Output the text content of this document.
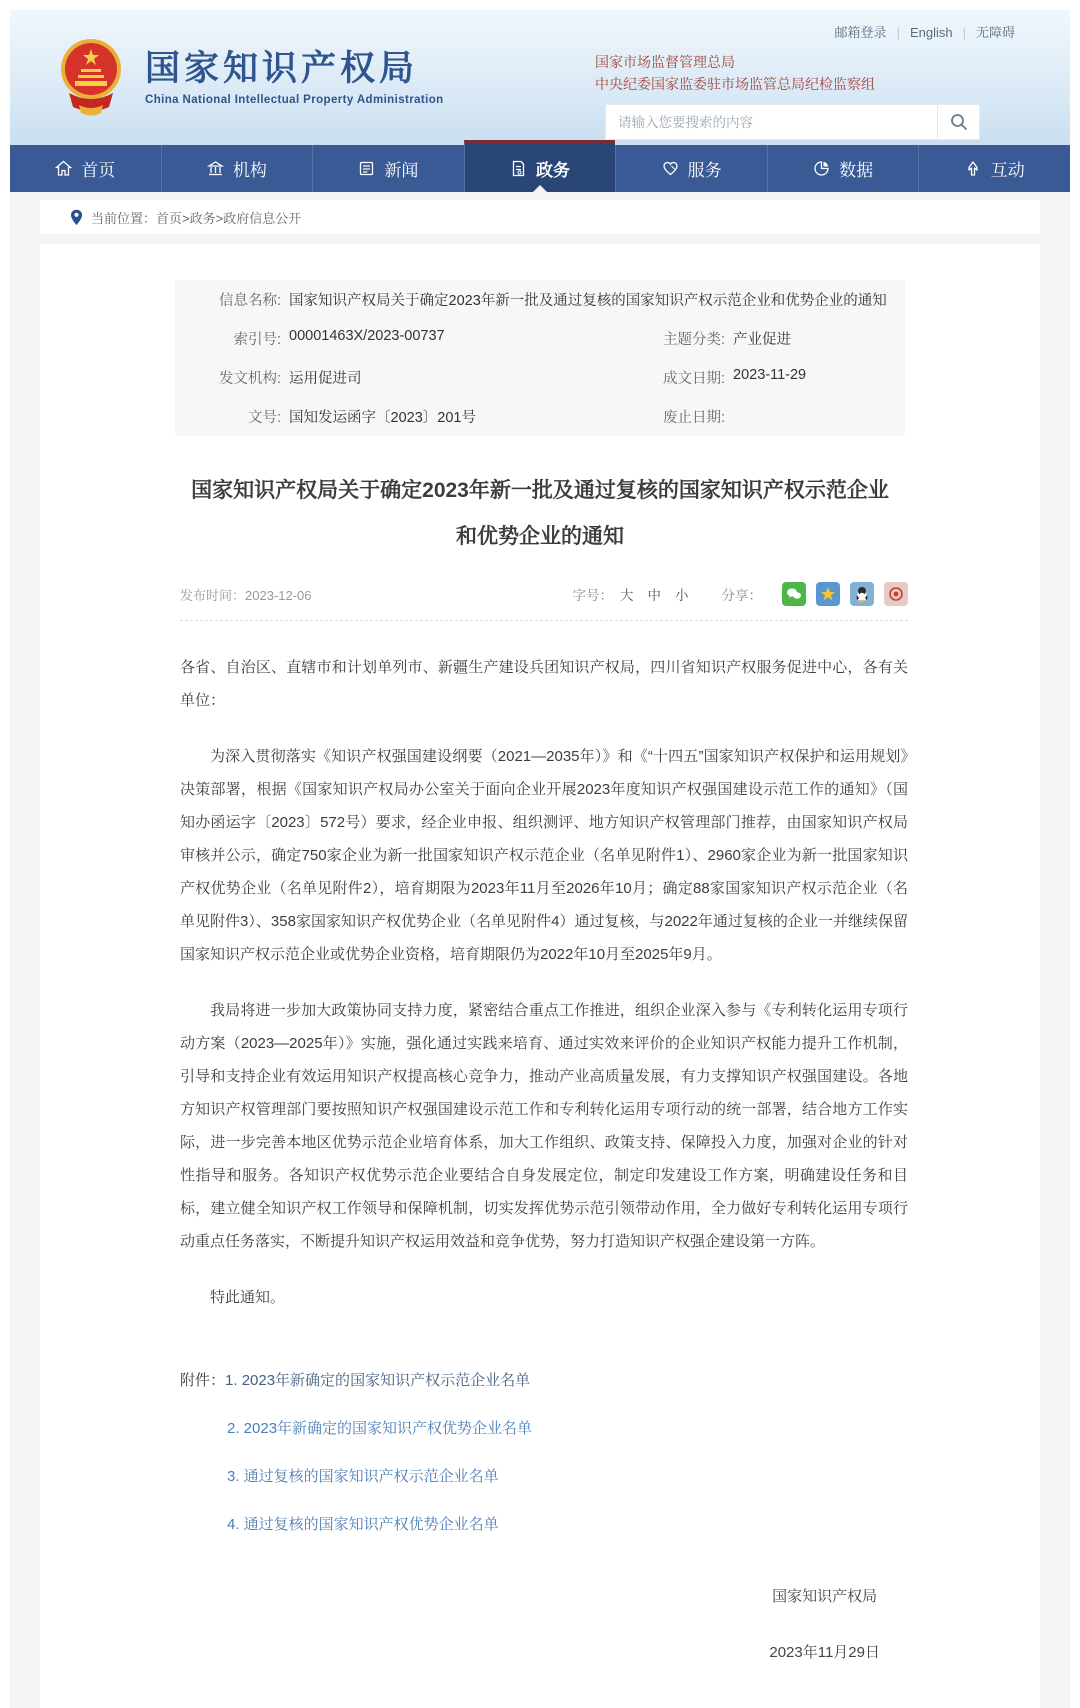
国家知识产权局
China National Intellectual Property Administration
邮箱登录 | English | 无障碍
国家市场监督管理总局
中央纪委国家监委驻市场监管总局纪检监察组
请输入您要搜索的内容
首页	机构	新闻	政务	服务	数据	互动
当前位置：首页>政务>政府信息公开
信息名称:	国家知识产权局关于确定2023年新一批及通过复核的国家知识产权示范企业和优势企业的通知		
索引号:	00001463X/2023-00737	主题分类:	产业促进
发文机构:	运用促进司	成文日期:	2023-11-29
文号:	国知发运函字〔2023〕201号	废止日期:	
国家知识产权局关于确定2023年新一批及通过复核的国家知识产权示范企业
和优势企业的通知
发布时间：2023-12-06	字号： 大 中 小 分享：

各省、自治区、直辖市和计划单列市、新疆生产建设兵团知识产权局，四川省知识产权服务促进中心，各有关单位：

为深入贯彻落实《知识产权强国建设纲要（2021—2035年）》和《“十四五”国家知识产权保护和运用规划》决策部署，根据《国家知识产权局办公室关于面向企业开展2023年度知识产权强国建设示范工作的通知》（国知办函运字〔2023〕572号）要求，经企业申报、组织测评、地方知识产权管理部门推荐，由国家知识产权局审核并公示，确定750家企业为新一批国家知识产权示范企业（名单见附件1）、2960家企业为新一批国家知识产权优势企业（名单见附件2），培育期限为2023年11月至2026年10月；确定88家国家知识产权示范企业（名单见附件3）、358家国家知识产权优势企业（名单见附件4）通过复核，与2022年通过复核的企业一并继续保留国家知识产权示范企业或优势企业资格，培育期限仍为2022年10月至2025年9月。

我局将进一步加大政策协同支持力度，紧密结合重点工作推进，组织企业深入参与《专利转化运用专项行动方案（2023—2025年）》实施，强化通过实践来培育、通过实效来评价的企业知识产权能力提升工作机制，引导和支持企业有效运用知识产权提高核心竞争力，推动产业高质量发展，有力支撑知识产权强国建设。各地方知识产权管理部门要按照知识产权强国建设示范工作和专利转化运用专项行动的统一部署，结合地方工作实际，进一步完善本地区优势示范企业培育体系，加大工作组织、政策支持、保障投入力度，加强对企业的针对性指导和服务。各知识产权优势示范企业要结合自身发展定位，制定印发建设工作方案，明确建设任务和目标，建立健全知识产权工作领导和保障机制，切实发挥优势示范引领带动作用，全力做好专利转化运用专项行动重点任务落实，不断提升知识产权运用效益和竞争优势，努力打造知识产权强企建设第一方阵。

特此通知。

附件：1. 2023年新确定的国家知识产权示范企业名单
2. 2023年新确定的国家知识产权优势企业名单
3. 通过复核的国家知识产权示范企业名单
4. 通过复核的国家知识产权优势企业名单
国家知识产权局
2023年11月29日
